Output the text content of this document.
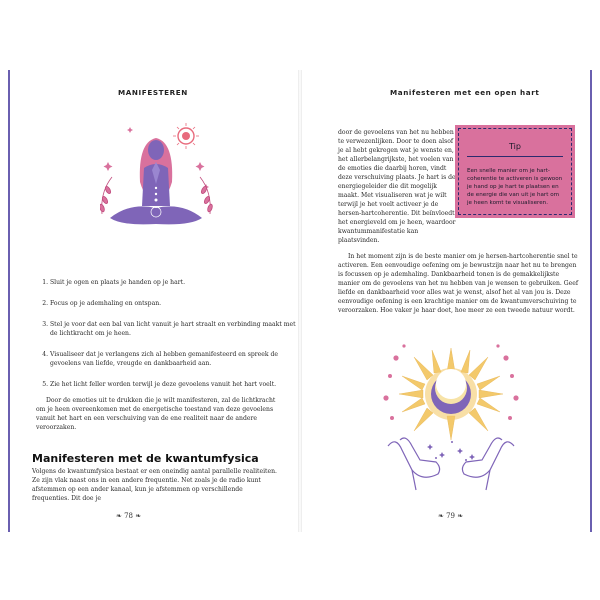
MANIFESTEREN
1. Sluit je ogen en plaats je handen op je hart.
2. Focus op je ademhaling en ontspan.
3. Stel je voor dat een bal van licht vanuit je hart straalt en verbinding maakt met de lichtkracht om je heen.
4. Visualiseer dat je verlangens zich al hebben gemanifesteerd en spreek de gevoelens van liefde, vreugde en dankbaarheid aan.
5. Zie het licht feller worden terwijl je deze gevoelens vanuit het hart voelt.

Door de emoties uit te drukken die je wilt manifesteren, zal de lichtkracht om je heen overeenkomen met de energetische toestand van deze gevoelens vanuit het hart en een verschuiving van de ene realiteit naar de andere veroorzaken.

Manifesteren met de kwantumfysica

Volgens de kwantumfysica bestaat er een oneindig aantal parallelle realiteiten. Ze zijn vlak naast ons in een andere frequentie. Net zoals je de radio kunt afstemmen op een ander kanaal, kun je afstemmen op verschillende frequenties. Dit doe je

❧ 78 ❧
Manifesteren met een open hart

door de gevoelens van het nu hebben te verwezenlijken. Door te doen alsof je al hebt gekregen wat je wenste en, het allerbelangrijkste, het voelen van de emoties die daarbij horen, vindt deze verschuiving plaats. Je hart is de energiegeleider die dit mogelijk maakt. Met visualiseren wat je wilt terwijl je het voelt activeer je de hersen-hartcoherentie. Dit beïnvloedt het energieveld om je heen, waardoor kwantummanifestatie kan plaatsvinden.

Tip
Een snelle manier om je hart-coherentie te activeren is gewoon je hand op je hart te plaatsen en de energie die van uit je hart om je heen komt te visualiseren.

In het moment zijn is de beste manier om je hersen-hartcoherentie snel te activeren. Een eenvoudige oefening om je bewustzijn naar het nu te brengen is focussen op je ademhaling. Dankbaarheid tonen is de gemakkelijkste manier om de gevoelens van het nu hebben van je wensen te gebruiken. Geef liefde en dankbaarheid voor alles wat je wenst, alsof het al van jou is. Deze eenvoudige oefening is een krachtige manier om de kwantumverschuiving te veroorzaken. Hoe vaker je haar doet, hoe meer ze een tweede natuur wordt.

❧ 79 ❧
